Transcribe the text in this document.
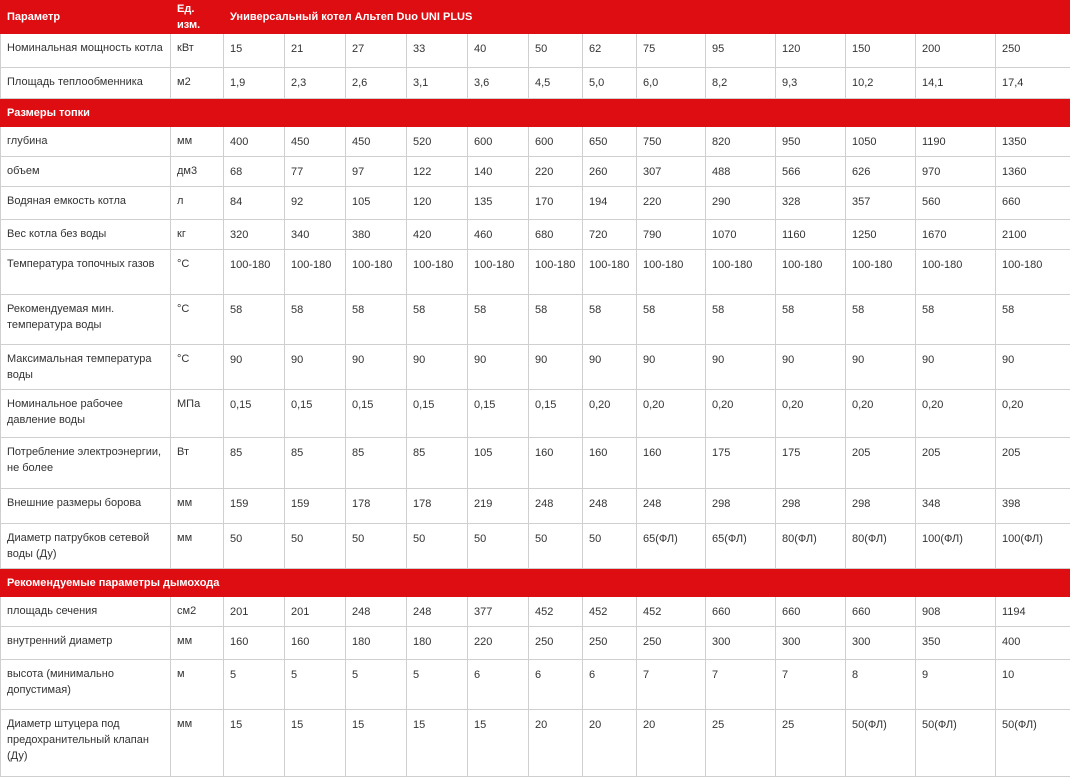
Параметр	Ед. изм.	Универсальный котел Альтеп Duo UNI PLUS												
Номинальная мощность котла	кВт	15	21	27	33	40	50	62	75	95	120	150	200	250
Площадь теплообменника	м2	1,9	2,3	2,6	3,1	3,6	4,5	5,0	6,0	8,2	9,3	10,2	14,1	17,4
Размеры топки														
глубина	мм	400	450	450	520	600	600	650	750	820	950	1050	1190	1350
объем	дм3	68	77	97	122	140	220	260	307	488	566	626	970	1360
Водяная емкость котла	л	84	92	105	120	135	170	194	220	290	328	357	560	660
Вес котла без воды	кг	320	340	380	420	460	680	720	790	1070	1160	1250	1670	2100
Температура топочных газов	°С	100-180	100-180	100-180	100-180	100-180	100-180	100-180	100-180	100-180	100-180	100-180	100-180	100-180
Рекомендуемая мин. температура воды	°С	58	58	58	58	58	58	58	58	58	58	58	58	58
Максимальная температура воды	°С	90	90	90	90	90	90	90	90	90	90	90	90	90
Номинальное рабочее давление воды	МПа	0,15	0,15	0,15	0,15	0,15	0,15	0,20	0,20	0,20	0,20	0,20	0,20	0,20
Потребление электроэнергии, не более	Вт	85	85	85	85	105	160	160	160	175	175	205	205	205
Внешние размеры борова	мм	159	159	178	178	219	248	248	248	298	298	298	348	398
Диаметр патрубков сетевой воды (Ду)	мм	50	50	50	50	50	50	50	65(ФЛ)	65(ФЛ)	80(ФЛ)	80(ФЛ)	100(ФЛ)	100(ФЛ)
Рекомендуемые параметры дымохода														
площадь сечения	см2	201	201	248	248	377	452	452	452	660	660	660	908	1194
внутренний диаметр	мм	160	160	180	180	220	250	250	250	300	300	300	350	400
высота (минимально допустимая)	м	5	5	5	5	6	6	6	7	7	7	8	9	10
Диаметр штуцера под предохранительный клапан (Ду)	мм	15	15	15	15	15	20	20	20	25	25	50(ФЛ)	50(ФЛ)	50(ФЛ)
